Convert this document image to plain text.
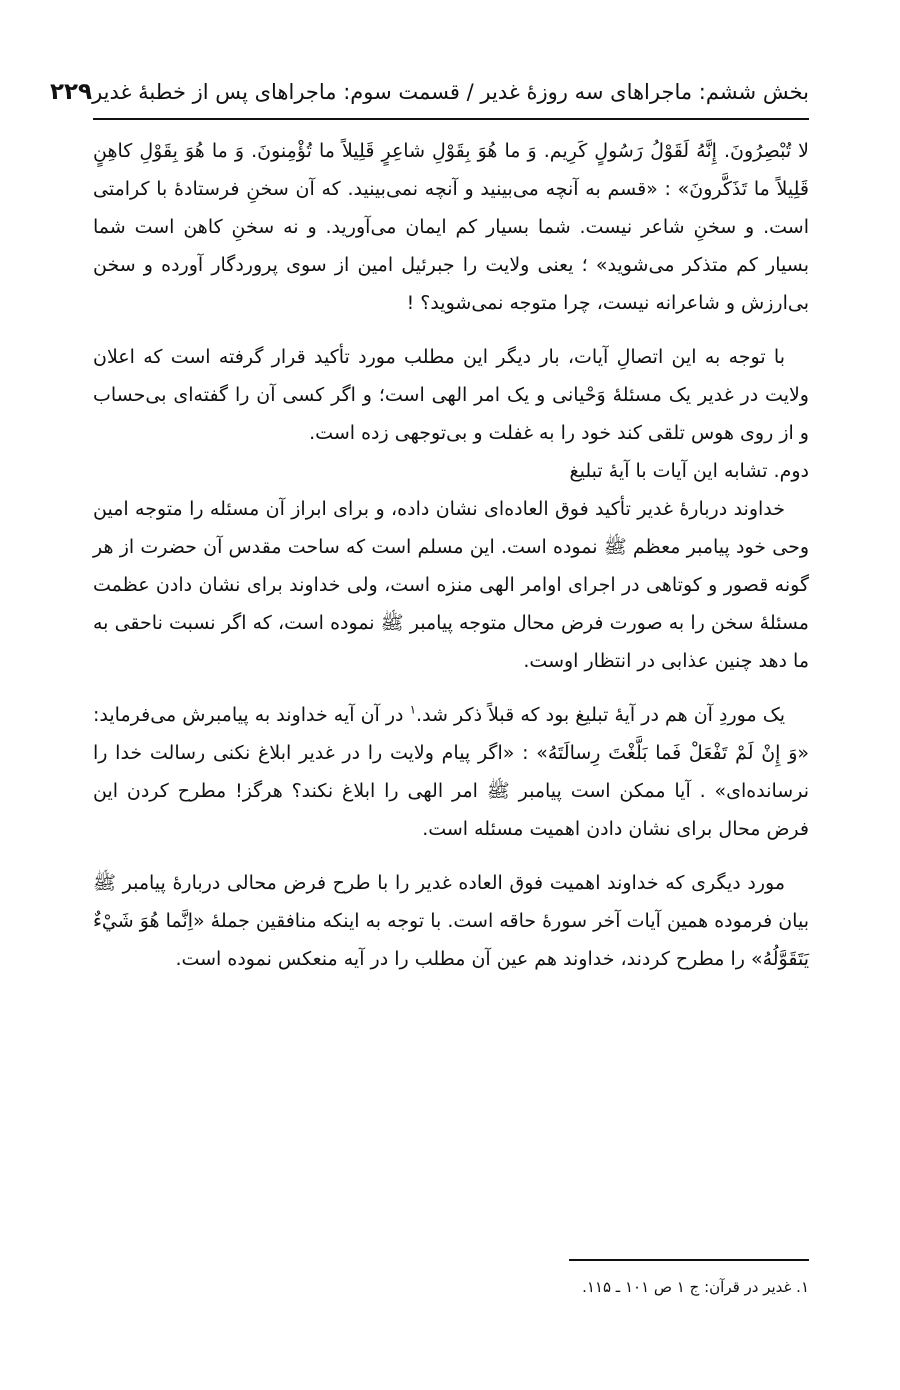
بخش ششم: ماجراهای سه روزۀ غدیر / قسمت سوم: ماجراهای پس از خطبۀ غدیر
۲۲۹

لا تُبْصِرُونَ. إِنَّهُ لَقَوْلُ رَسُولٍ كَرِيم. وَ ما هُوَ بِقَوْلِ شاعِرٍ قَلِيلاً ما تُؤْمِنونَ. وَ ما هُوَ بِقَوْلِ كاهِنٍ قَلِيلاً ما تَذَكَّرونَ» : «قسم به آنچه می‌بینید و آنچه نمی‌بینید. که آن سخنِ فرستادۀ با کرامتی است. و سخنِ شاعر نیست. شما بسیار کم ایمان می‌آورید. و نه سخنِ کاهن است شما بسیار کم متذکر می‌شوید» ؛ یعنی ولایت را جبرئیل امین از سوی پروردگار آورده و سخن بی‌ارزش و شاعرانه نیست، چرا متوجه نمی‌شوید؟ !

با توجه به این اتصالِ آیات، بار دیگر این مطلب مورد تأکید قرار گرفته است که اعلان ولایت در غدیر یک مسئلۀ وَحْیانی و یک امر الهی است؛ و اگر کسی آن را گفته‌ای بی‌حساب و از روی هوس تلقی کند خود را به غفلت و بی‌توجهی زده است.

دوم. تشابه این آیات با آیۀ تبلیغ

خداوند دربارۀ غدیر تأکید فوق العاده‌ای نشان داده، و برای ابراز آن مسئله را متوجه امین وحی خود پیامبر معظم ﷺ نموده است. این مسلم است که ساحت مقدس آن حضرت از هر گونه قصور و کوتاهی در اجرای اوامر الهی منزه است، ولی خداوند برای نشان دادن عظمت مسئلۀ سخن را به صورت فرض محال متوجه پیامبر ﷺ نموده است، که اگر نسبت ناحقی به ما دهد چنین عذابی در انتظار اوست.

یک موردِ آن هم در آیۀ تبلیغ بود که قبلاً ذکر شد.$^۱$ در آن آیه خداوند به پیامبرش می‌فرماید: «وَ إِنْ لَمْ تَفْعَلْ فَما بَلَّغْتَ رِسالَتَهُ» : «اگر پیام ولایت را در غدیر ابلاغ نکنی رسالت خدا را نرسانده‌ای» . آیا ممکن است پیامبر ﷺ امر الهی را ابلاغ نکند؟ هرگز! مطرح کردن این فرض محال برای نشان دادن اهمیت مسئله است.

مورد دیگری که خداوند اهمیت فوق العاده غدیر را با طرح فرض محالی دربارۀ پیامبر ﷺ بیان فرموده همین آیات آخر سورۀ حاقه است. با توجه به اینکه منافقین جملۀ «اِنَّما هُوَ شَيْءٌ يَتَقَوَّلُهُ» را مطرح کردند، خداوند هم عین آن مطلب را در آیه منعکس نموده است.

۱. غدیر در قرآن: ج ۱ ص ۱۰۱ ـ ۱۱۵.
